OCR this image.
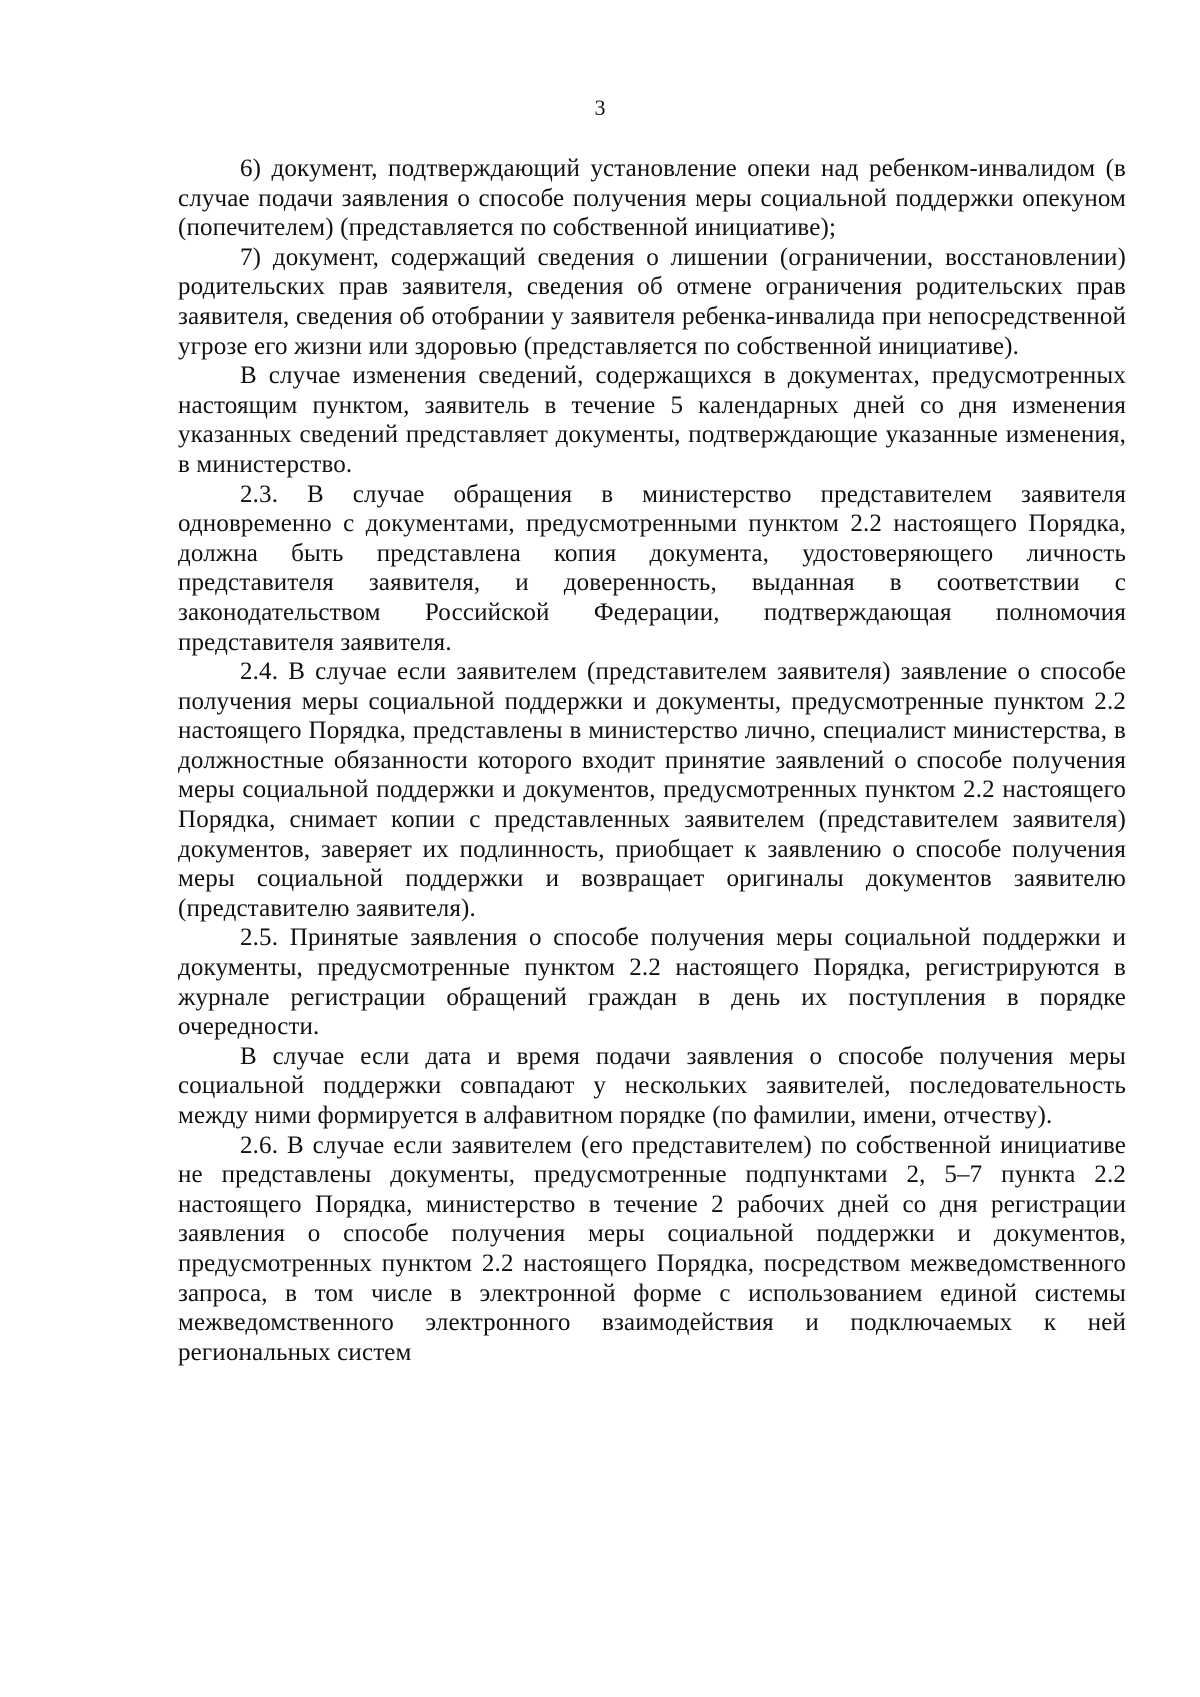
3

6) документ, подтверждающий установление опеки над ребенком-инвалидом (в случае подачи заявления о способе получения меры социальной поддержки опекуном (попечителем) (представляется по собственной инициативе);

7) документ, содержащий сведения о лишении (ограничении, восстановлении) родительских прав заявителя, сведения об отмене ограничения родительских прав заявителя, сведения об отобрании у заявителя ребенка-инвалида при непосредственной угрозе его жизни или здоровью (представляется по собственной инициативе).

В случае изменения сведений, содержащихся в документах, предусмотренных настоящим пунктом, заявитель в течение 5 календарных дней со дня изменения указанных сведений представляет документы, подтверждающие указанные изменения, в министерство.

2.3. В случае обращения в министерство представителем заявителя одновременно с документами, предусмотренными пунктом 2.2 настоящего Порядка, должна быть представлена копия документа, удостоверяющего личность представителя заявителя, и доверенность, выданная в соответствии с законодательством Российской Федерации, подтверждающая полномочия представителя заявителя.

2.4. В случае если заявителем (представителем заявителя) заявление о способе получения меры социальной поддержки и документы, предусмотренные пунктом 2.2 настоящего Порядка, представлены в министерство лично, специалист министерства, в должностные обязанности которого входит принятие заявлений о способе получения меры социальной поддержки и документов, предусмотренных пунктом 2.2 настоящего Порядка, снимает копии с представленных заявителем (представителем заявителя) документов, заверяет их подлинность, приобщает к заявлению о способе получения меры социальной поддержки и возвращает оригиналы документов заявителю (представителю заявителя).

2.5. Принятые заявления о способе получения меры социальной поддержки и документы, предусмотренные пунктом 2.2 настоящего Порядка, регистрируются в журнале регистрации обращений граждан в день их поступления в порядке очередности.

В случае если дата и время подачи заявления о способе получения меры социальной поддержки совпадают у нескольких заявителей, последовательность между ними формируется в алфавитном порядке (по фамилии, имени, отчеству).

2.6. В случае если заявителем (его представителем) по собственной инициативе не представлены документы, предусмотренные подпунктами 2, 5–7 пункта 2.2 настоящего Порядка, министерство в течение 2 рабочих дней со дня регистрации заявления о способе получения меры социальной поддержки и документов, предусмотренных пунктом 2.2 настоящего Порядка, посредством межведомственного запроса, в том числе в электронной форме с использованием единой системы межведомственного электронного взаимодействия и подключаемых к ней региональных систем
